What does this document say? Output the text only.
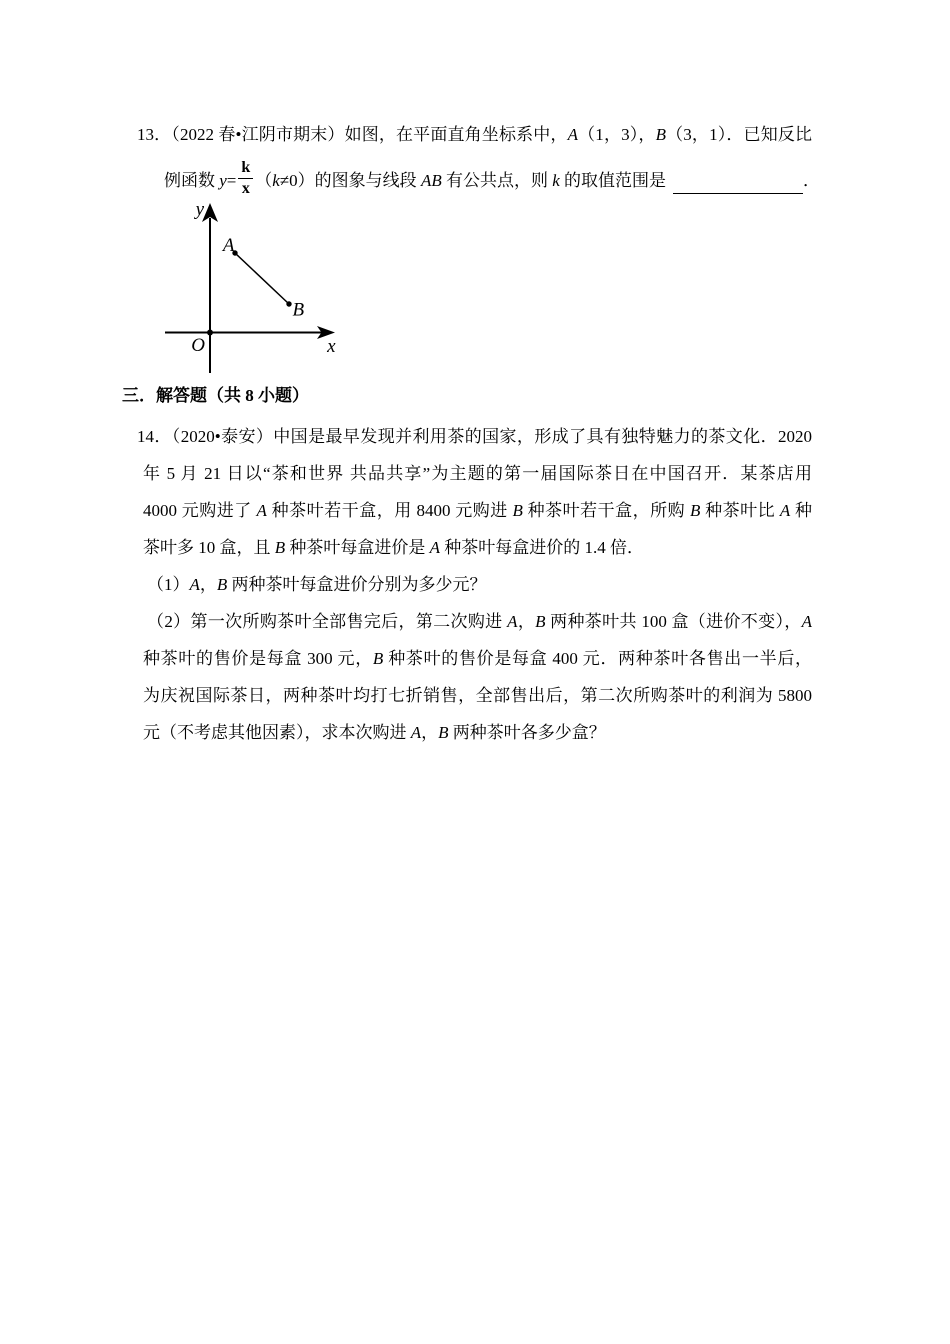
13．（2022 春•江阴市期末）如图，在平面直角坐标系中，A（1，3），B（3，1）．已知反比
例函数 $y= \frac{k}{x} (k\ne 0)$的图象与线段 AB 有公共点，则 k 的取值范围是	．
y
O	x
A
B
三．解答题（共 8 小题）
14．（2020•泰安）中国是最早发现并利用茶的国家，形成了具有独特魅力的茶文化．2020
年 5 月 21 日以“茶和世界 共品共享”为主题的第一届国际茶日在中国召开．某茶店用
4000 元购进了 A 种茶叶若干盒，用 8400 元购进 B 种茶叶若干盒，所购 B 种茶叶比 A 种
茶叶多 10 盒，且 B 种茶叶每盒进价是 A 种茶叶每盒进价的 1.4 倍．
（1）A，B 两种茶叶每盒进价分别为多少元？
（2）第一次所购茶叶全部售完后，第二次购进 A，B 两种茶叶共 100 盒（进价不变），A
种茶叶的售价是每盒 300 元，B 种茶叶的售价是每盒 400 元．两种茶叶各售出一半后，
为庆祝国际茶日，两种茶叶均打七折销售，全部售出后，第二次所购茶叶的利润为 5800
元（不考虑其他因素），求本次购进 A，B 两种茶叶各多少盒？
